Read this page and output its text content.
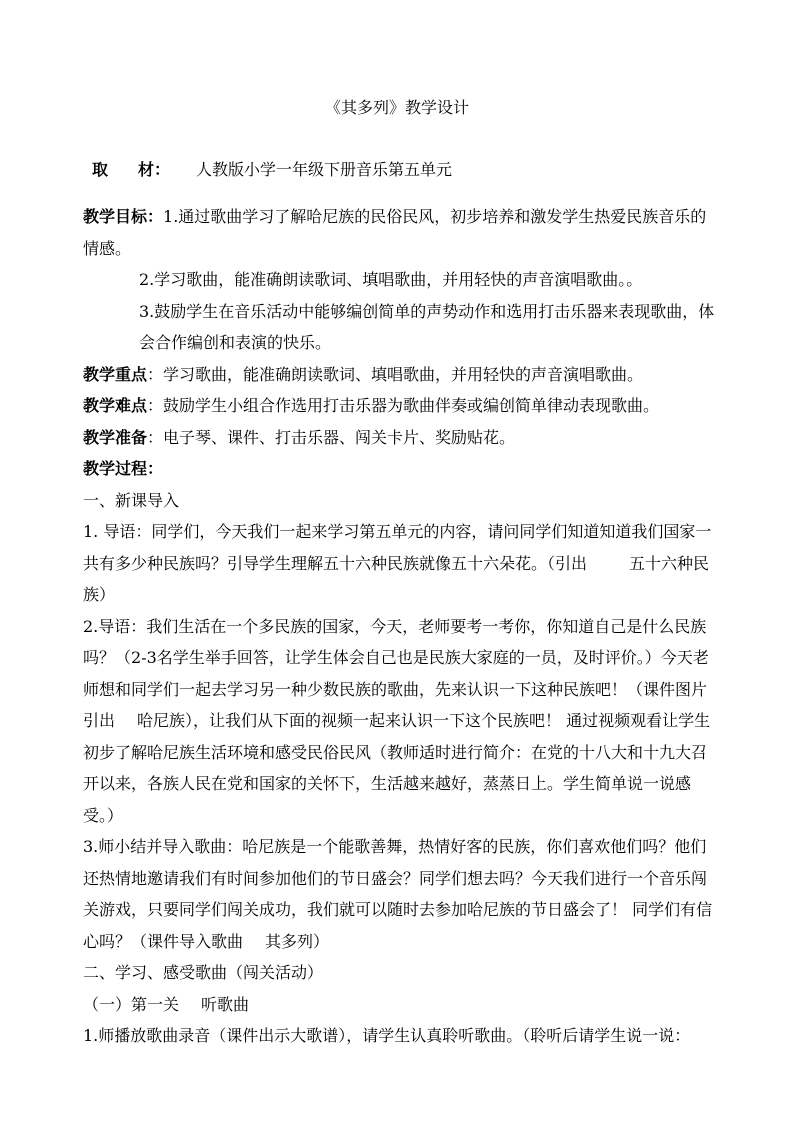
《其多列》教学设计
取 材： 人教版小学一年级下册音乐第五单元

教学目标：1.通过歌曲学习了解哈尼族的民俗民风，初步培养和激发学生热爱民族音乐的情感。

2.学习歌曲，能准确朗读歌词、填唱歌曲，并用轻快的声音演唱歌曲。。

3.鼓励学生在音乐活动中能够编创简单的声势动作和选用打击乐器来表现歌曲，体会合作编创和表演的快乐。

教学重点：学习歌曲，能准确朗读歌词、填唱歌曲，并用轻快的声音演唱歌曲。

教学难点：鼓励学生小组合作选用打击乐器为歌曲伴奏或编创简单律动表现歌曲。

教学准备：电子琴、课件、打击乐器、闯关卡片、奖励贴花。

教学过程：

一、新课导入

1. 导语：同学们，今天我们一起来学习第五单元的内容，请问同学们知道知道我们国家一共有多少种民族吗？引导学生理解五十六种民族就像五十六朵花。（引出	五十六种民族）

2.导语：我们生活在一个多民族的国家，今天，老师要考一考你，你知道自己是什么民族吗？（2-3名学生举手回答，让学生体会自己也是民族大家庭的一员，及时评价。）今天老师想和同学们一起去学习另一种少数民族的歌曲，先来认识一下这种民族吧！（课件图片引出 哈尼族），让我们从下面的视频一起来认识一下这个民族吧！ 通过视频观看让学生初步了解哈尼族生活环境和感受民俗民风（教师适时进行简介：在党的十八大和十九大召开以来，各族人民在党和国家的关怀下，生活越来越好，蒸蒸日上。学生简单说一说感受。）

3.师小结并导入歌曲：哈尼族是一个能歌善舞，热情好客的民族，你们喜欢他们吗？他们还热情地邀请我们有时间参加他们的节日盛会？同学们想去吗？今天我们进行一个音乐闯关游戏，只要同学们闯关成功，我们就可以随时去参加哈尼族的节日盛会了！ 同学们有信心吗？（课件导入歌曲 其多列）

二、学习、感受歌曲（闯关活动）

（一）第一关 听歌曲

1.师播放歌曲录音（课件出示大歌谱），请学生认真聆听歌曲。（聆听后请学生说一说：
